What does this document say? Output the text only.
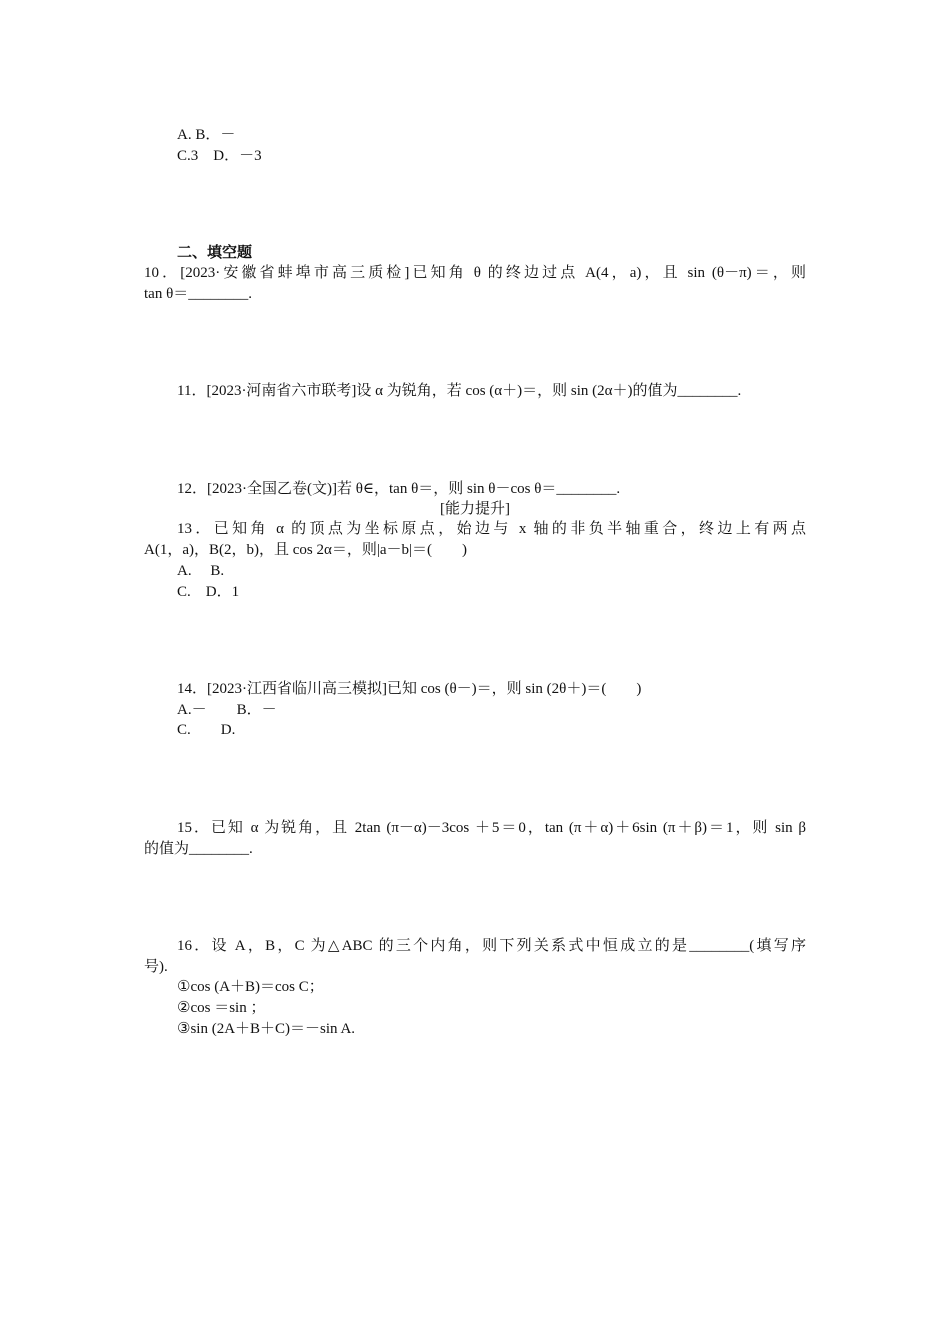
A. B．－
C.3　D．－3
二、填空题
10．[2023·安徽省蚌埠市高三质检]已知角 θ 的终边过点 A(4，a)，且 sin (θ－π)＝，则
tan θ＝________.
11．[2023·河南省六市联考]设 α 为锐角，若 cos (α＋)＝，则 sin (2α＋)的值为________.
12．[2023·全国乙卷(文)]若 θ∈，tan θ＝，则 sin θ－cos θ＝________.
[能力提升]
13．已知角 α 的顶点为坐标原点，始边与 x 轴的非负半轴重合，终边上有两点
A(1，a)，B(2，b)，且 cos 2α＝，则|a－b|＝(　　)
A.　 B.
C.　D．1
14．[2023·江西省临川高三模拟]已知 cos (θ－)＝，则 sin (2θ＋)＝(　　)
A.－　　B．－
C.　　D.
15．已知 α 为锐角，且 2tan (π－α)－3cos ＋5＝0，tan (π＋α)＋6sin (π＋β)＝1，则 sin β
的值为________.
16．设 A，B，C 为△ABC 的三个内角，则下列关系式中恒成立的是________(填写序
号).
①cos (A＋B)＝cos C；
②cos ＝sin ；
③sin (2A＋B＋C)＝－sin A.
